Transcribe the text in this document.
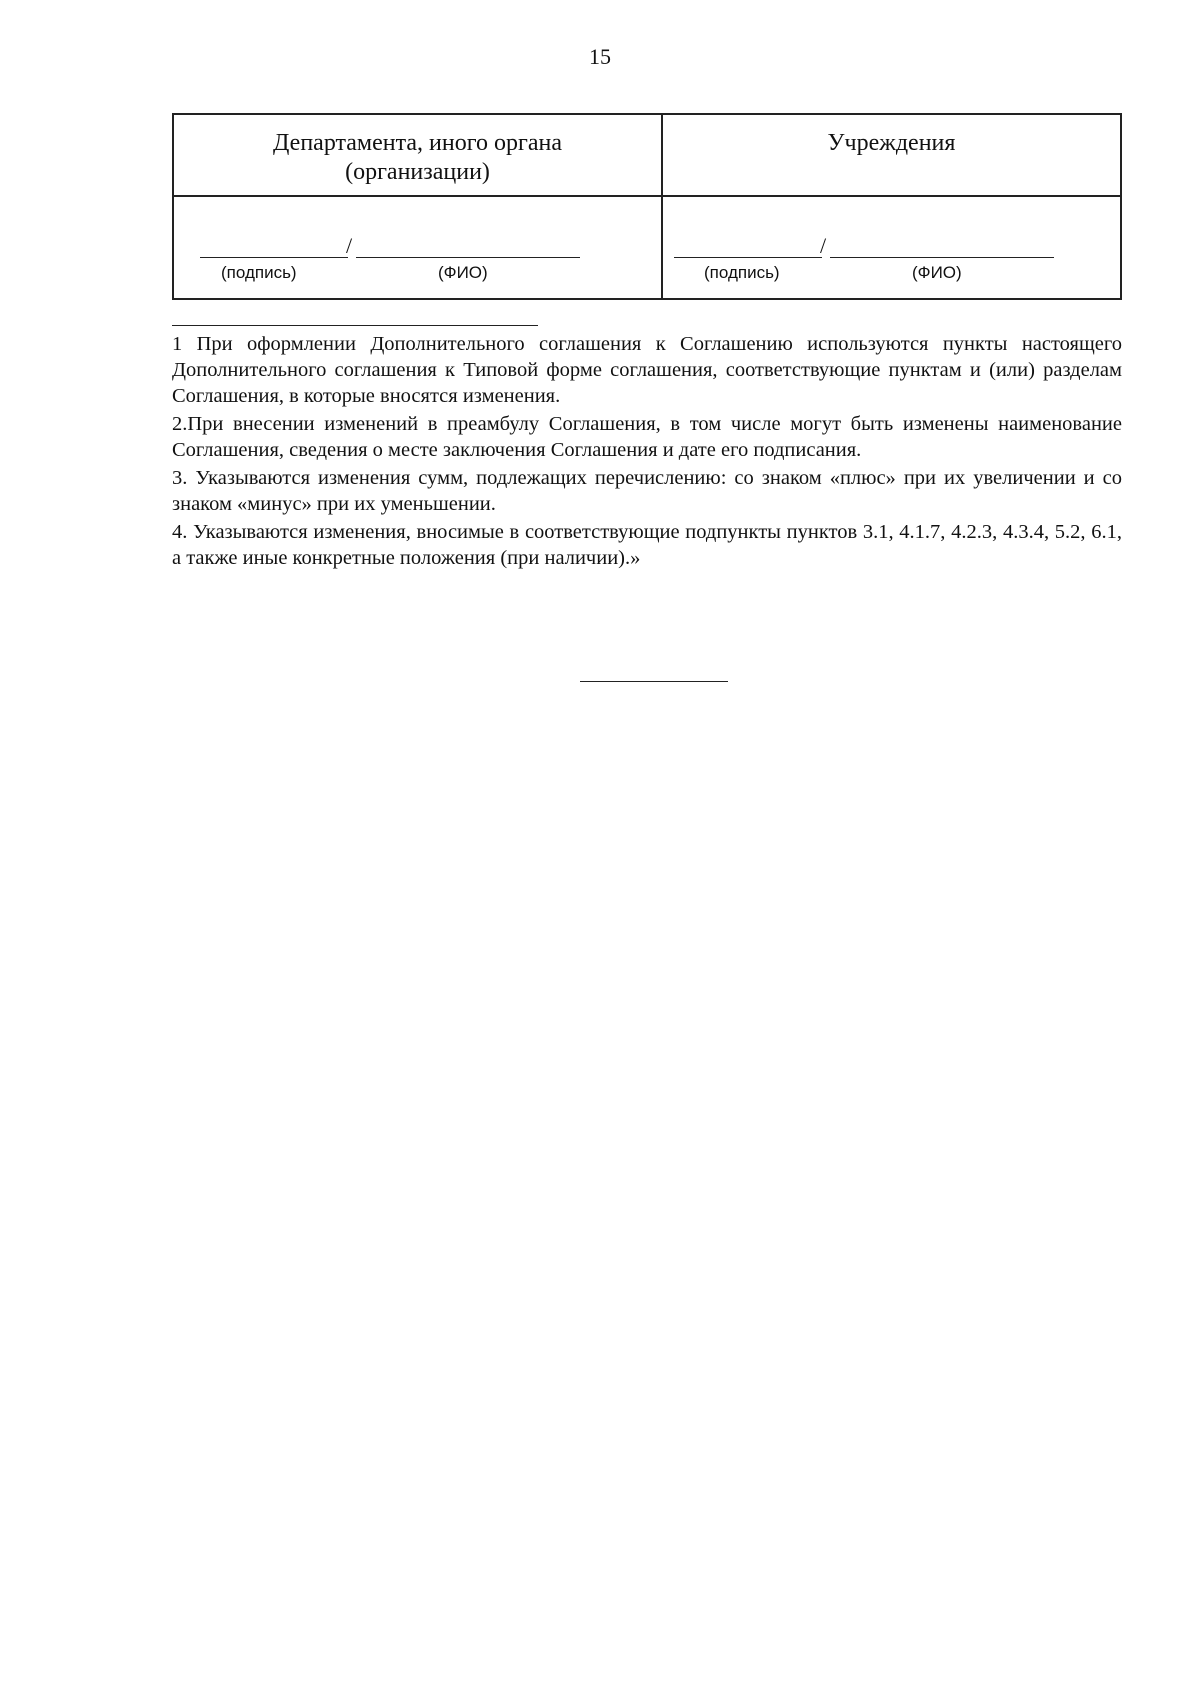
15
Департамента, иного органа
(организации)
Учреждения
/
(подпись)	(ФИО)
/
(подпись)	(ФИО)

1 При оформлении Дополнительного соглашения к Соглашению используются пункты настоящего Дополнительного соглашения к Типовой форме соглашения, соответствующие пунктам и (или) разделам Соглашения, в которые вносятся изменения.

2.При внесении изменений в преамбулу Соглашения, в том числе могут быть изменены наименование Соглашения, сведения о месте заключения Соглашения и дате его подписания.

3. Указываются изменения сумм, подлежащих перечислению: со знаком «плюс» при их увеличении и со знаком «минус» при их уменьшении.

4. Указываются изменения, вносимые в соответствующие подпункты пунктов 3.1, 4.1.7, 4.2.3, 4.3.4, 5.2, 6.1, а также иные конкретные положения (при наличии).»
